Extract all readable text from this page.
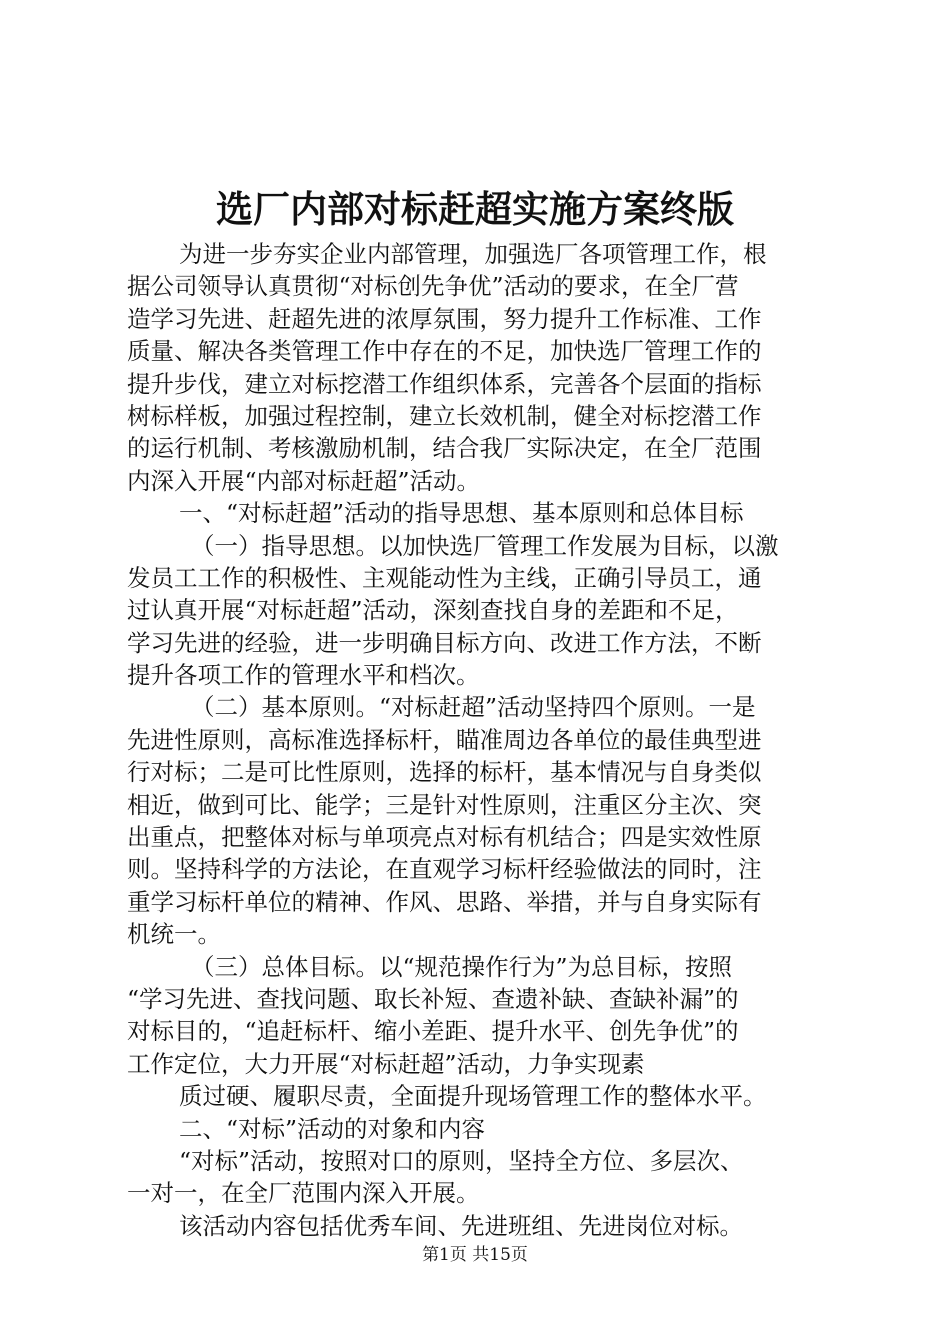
选厂内部对标赶超实施方案终版
为进一步夯实企业内部管理，加强选厂各项管理工作，根
据公司领导认真贯彻“对标创先争优”活动的要求，在全厂营
造学习先进、赶超先进的浓厚氛围，努力提升工作标准、工作
质量、解决各类管理工作中存在的不足，加快选厂管理工作的
提升步伐，建立对标挖潜工作组织体系，完善各个层面的指标
树标样板，加强过程控制，建立长效机制，健全对标挖潜工作
的运行机制、考核激励机制，结合我厂实际决定，在全厂范围
内深入开展“内部对标赶超”活动。
一、“对标赶超”活动的指导思想、基本原则和总体目标
（一）指导思想。以加快选厂管理工作发展为目标，以激
发员工工作的积极性、主观能动性为主线，正确引导员工，通
过认真开展“对标赶超”活动，深刻查找自身的差距和不足，
学习先进的经验，进一步明确目标方向、改进工作方法，不断
提升各项工作的管理水平和档次。
（二）基本原则。“对标赶超”活动坚持四个原则。一是
先进性原则，高标准选择标杆，瞄准周边各单位的最佳典型进
行对标；二是可比性原则，选择的标杆，基本情况与自身类似
相近，做到可比、能学；三是针对性原则，注重区分主次、突
出重点，把整体对标与单项亮点对标有机结合；四是实效性原
则。坚持科学的方法论，在直观学习标杆经验做法的同时，注
重学习标杆单位的精神、作风、思路、举措，并与自身实际有
机统一。
（三）总体目标。以“规范操作行为”为总目标，按照
“学习先进、查找问题、取长补短、查遗补缺、查缺补漏”的
对标目的，“追赶标杆、缩小差距、提升水平、创先争优”的
工作定位，大力开展“对标赶超”活动，力争实现素
质过硬、履职尽责，全面提升现场管理工作的整体水平。
二、“对标”活动的对象和内容
“对标”活动，按照对口的原则，坚持全方位、多层次、
一对一，在全厂范围内深入开展。
该活动内容包括优秀车间、先进班组、先进岗位对标。
第1页 共15页
